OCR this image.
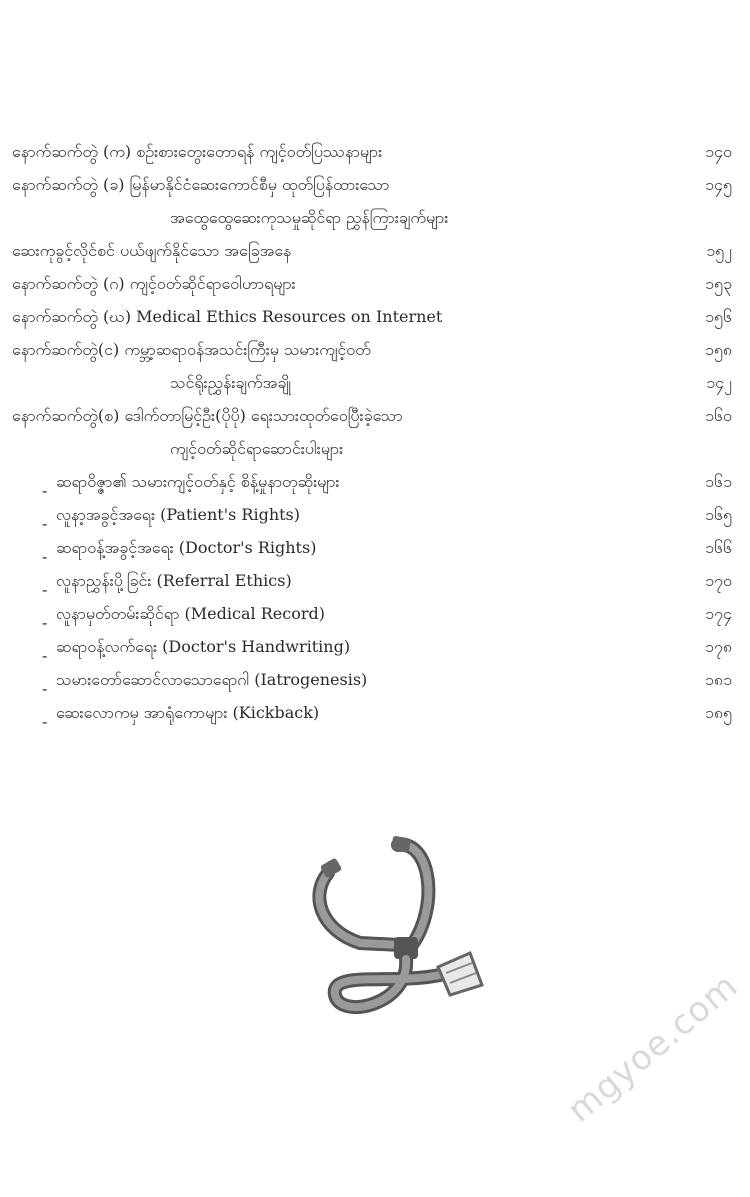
နောက်ဆက်တွဲ (က) စဉ်းစားတွေးတောရန် ကျင့်ဝတ်ပြဿနာများ	၁၄၀
နောက်ဆက်တွဲ (ခ) မြန်မာနိုင်ငံဆေးကောင်စီမှ ထုတ်ပြန်ထားသော	၁၄၅
အထွေထွေဆေးကုသမှုဆိုင်ရာ ညွှန်ကြားချက်များ
ဆေးကုခွင့်လိုင်စင် ပယ်ဖျက်နိုင်သော အခြေအနေ	၁၅၂
နောက်ဆက်တွဲ (ဂ) ကျင့်ဝတ်ဆိုင်ရာဝေါဟာရများ	၁၅၃
နောက်ဆက်တွဲ (ဃ) Medical Ethics Resources on Internet	၁၅၆
နောက်ဆက်တွဲ(င) ကမ္ဘာ့ဆရာဝန်အသင်းကြီးမှ သမားကျင့်ဝတ်	၁၅၈
သင်ရိုးညွှန်းချက်အချို့	၁၄၂
နောက်ဆက်တွဲ(စ) ဒေါက်တာမြင့်ဦး(ပိုပို) ရေးသားထုတ်ဝေပြီးခဲ့သော	၁၆၀
ကျင့်ဝတ်ဆိုင်ရာဆောင်းပါးများ
- ဆရာဝိဇ္ဇာ၏ သမားကျင့်ဝတ်နှင့် စိန့်မှုနာတုဆိုးများ	၁၆၁
- လူနာ့အခွင့်အရေး (Patient's Rights)	၁၆၅
- ဆရာဝန့်အခွင့်အရေး (Doctor's Rights)	၁၆၆
- လူနာညွှန်းပို့ခြင်း (Referral Ethics)	၁၇၀
- လူနာမှတ်တမ်းဆိုင်ရာ (Medical Record)	၁၇၄
- ဆရာဝန့်လက်ရေး (Doctor's Handwriting)	၁၇၈
- သမားတော်ဆောင်လာသောရောဂါ (Iatrogenesis)	၁၈၁
- ဆေးလောကမှ အာရုံကောများ (Kickback)	၁၈၅
mgyoe.com
